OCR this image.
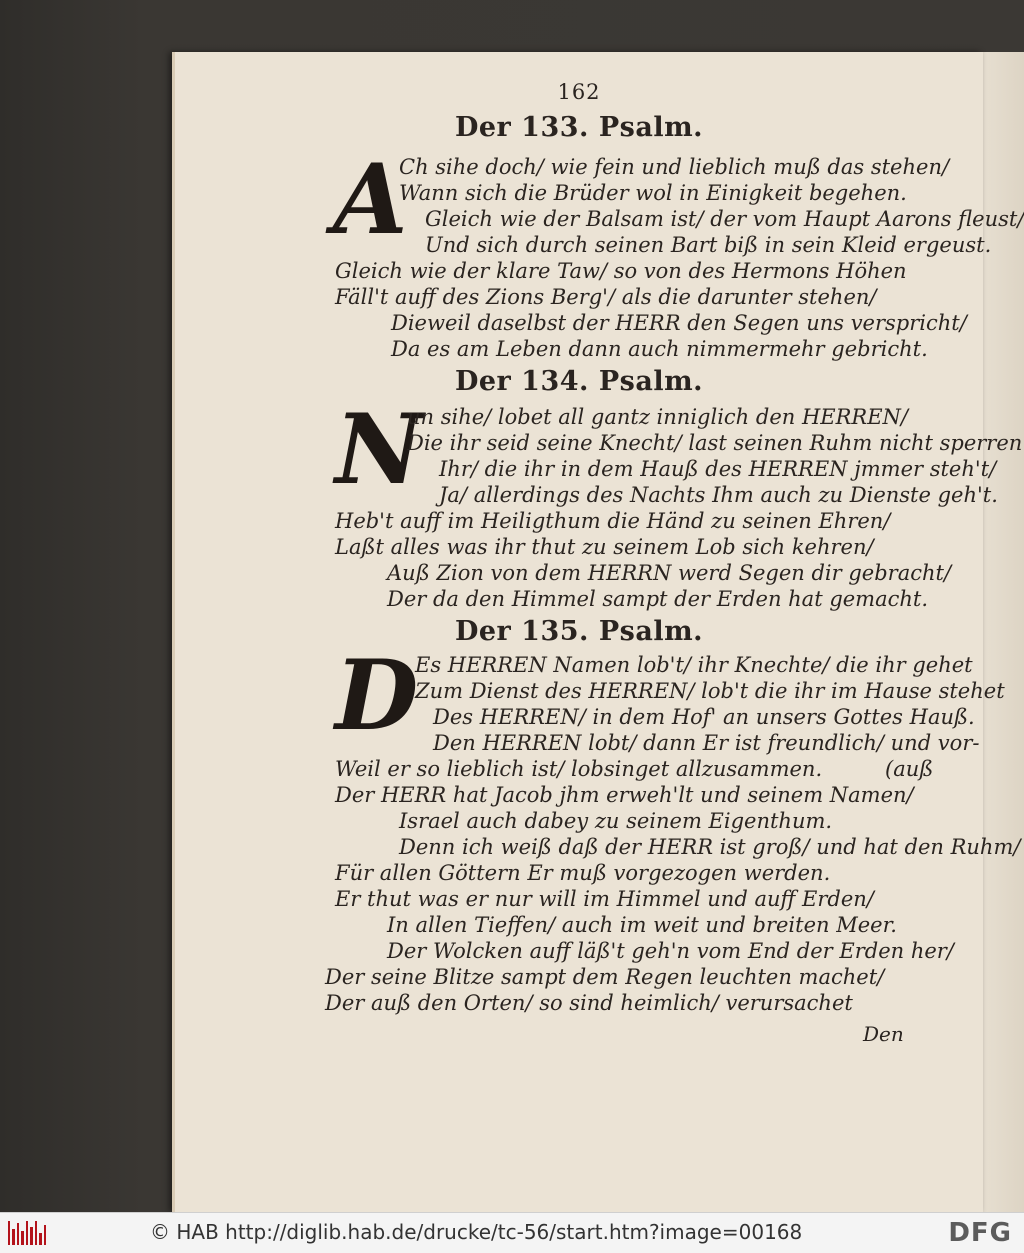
162
Der 133. Psalm.
A
Ch sihe doch/ wie fein und lieblich muß das stehen/
Wann sich die Brüder wol in Einigkeit begehen.
Gleich wie der Balsam ist/ der vom Haupt Aarons fleust/
Und sich durch seinen Bart biß in sein Kleid ergeust.
Gleich wie der klare Taw/ so von des Hermons Höhen
Fäll't auff des Zions Berg'/ als die darunter stehen/
Dieweil daselbst der HERR den Segen uns verspricht/
Da es am Leben dann auch nimmermehr gebricht.
Der 134. Psalm.
N
un sihe/ lobet all gantz inniglich den HERREN/
Die ihr seid seine Knecht/ last seinen Ruhm nicht sperren
Ihr/ die ihr in dem Hauß des HERREN jmmer steh't/
Ja/ allerdings des Nachts Ihm auch zu Dienste geh't.
Heb't auff im Heiligthum die Händ zu seinen Ehren/
Laßt alles was ihr thut zu seinem Lob sich kehren/
Auß Zion von dem HERRN werd Segen dir gebracht/
Der da den Himmel sampt der Erden hat gemacht.
Der 135. Psalm.
D
Es HERREN Namen lob't/ ihr Knechte/ die ihr gehet
Zum Dienst des HERREN/ lob't die ihr im Hause stehet
Des HERREN/ in dem Hof' an unsers Gottes Hauß.
Den HERREN lobt/ dann Er ist freundlich/ und vor-
Weil er so lieblich ist/ lobsinget allzusammen.	(auß
Der HERR hat Jacob jhm erweh'lt und seinem Namen/
Israel auch dabey zu seinem Eigenthum.
Denn ich weiß daß der HERR ist groß/ und hat den Ruhm/
Für allen Göttern Er muß vorgezogen werden.
Er thut was er nur will im Himmel und auff Erden/
In allen Tieffen/ auch im weit und breiten Meer.
Der Wolcken auff läß't geh'n vom End der Erden her/
Der seine Blitze sampt dem Regen leuchten machet/
Der auß den Orten/ so sind heimlich/ verursachet
Den
© HAB http://diglib.hab.de/drucke/tc-56/start.htm?image=00168	DFG
